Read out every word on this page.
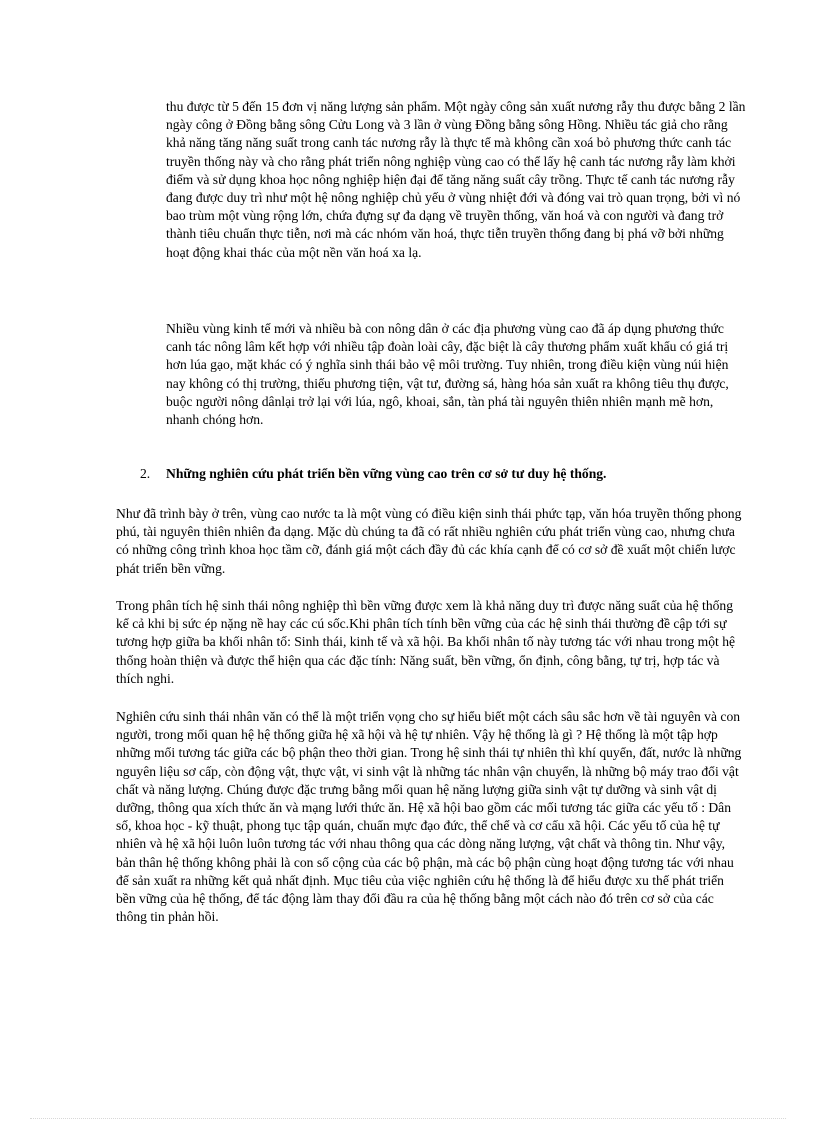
thu được từ 5 đến 15 đơn vị năng lượng sản phẩm. Một ngày công sản xuất nương rẫy thu được bằng 2 lần ngày công ở Đồng bằng sông Cửu Long và 3 lần ở vùng Đồng bằng sông Hồng. Nhiều tác giả cho rằng khả năng tăng năng suất trong canh tác nương rẫy là thực tế mà không cần xoá bỏ phương thức canh tác truyền thống này và cho rằng phát triển nông nghiệp vùng cao có thể lấy hệ canh tác nương rẫy làm khởi điểm và sử dụng khoa học nông nghiệp hiện đại để tăng năng suất cây trồng. Thực tế canh tác nương rẫy đang được duy trì như một hệ nông nghiệp chủ yếu ở vùng nhiệt đới và đóng vai trò quan trọng, bởi vì nó bao trùm một vùng rộng lớn, chứa đựng sự đa dạng về truyền thống, văn hoá và con người và đang trở thành tiêu chuẩn thực tiễn, nơi mà các nhóm văn hoá, thực tiễn truyền thống đang bị phá vỡ bởi những hoạt động khai thác của một nền văn hoá xa lạ.

Nhiều vùng kinh tế mới và nhiều bà con nông dân ở các địa phương vùng cao đã áp dụng phương thức canh tác nông lâm kết hợp với nhiều tập đoàn loài cây, đặc biệt là cây thương phẩm xuất khẩu có giá trị hơn lúa gạo, mặt khác có ý nghĩa sinh thái bảo vệ môi trường. Tuy nhiên, trong điều kiện vùng núi hiện nay không có thị trường, thiếu phương tiện, vật tư, đường sá, hàng hóa sản xuất ra không tiêu thụ được, buộc người nông dânlại trở lại với lúa, ngô, khoai, sắn, tàn phá tài nguyên thiên nhiên mạnh mẽ hơn, nhanh chóng hơn.

2. Những nghiên cứu phát triển bền vững vùng cao trên cơ sở tư duy hệ thống.

Như đã trình bày ở trên, vùng cao nước ta là một vùng có điều kiện sinh thái phức tạp, văn hóa truyền thống phong phú, tài nguyên thiên nhiên đa dạng. Mặc dù chúng ta đã có rất nhiều nghiên cứu phát triển vùng cao, nhưng chưa có những công trình khoa học tầm cỡ, đánh giá một cách đầy đủ các khía cạnh để có cơ sở đề xuất một chiến lược phát triển bền vững.

Trong phân tích hệ sinh thái nông nghiệp thì bền vững được xem là khả năng duy trì được năng suất của hệ thống kể cả khi bị sức ép nặng nề hay các cú sốc.Khi phân tích tính bền vững của các hệ sinh thái thường đề cập tới sự tương hợp giữa ba khối nhân tố: Sinh thái, kinh tế và xã hội. Ba khối nhân tố này tương tác với nhau trong một hệ thống hoàn thiện và được thể hiện qua các đặc tính: Năng suất, bền vững, ổn định, công bằng, tự trị, hợp tác và thích nghi.

Nghiên cứu sinh thái nhân văn có thể là một triển vọng cho sự hiểu biết một cách sâu sắc hơn về tài nguyên và con người, trong mối quan hệ hệ thống giữa hệ xã hội và hệ tự nhiên. Vậy hệ thống là gì ? Hệ thống là một tập hợp những mối tương tác giữa các bộ phận theo thời gian. Trong hệ sinh thái tự nhiên thì khí quyển, đất, nước là những nguyên liệu sơ cấp, còn động vật, thực vật, vi sinh vật là những tác nhân vận chuyển, là những bộ máy trao đổi vật chất và năng lượng. Chúng được đặc trưng bằng mối quan hệ năng lượng giữa sinh vật tự dưỡng và sinh vật dị dưỡng, thông qua xích thức ăn và mạng lưới thức ăn. Hệ xã hội bao gồm các mối tương tác giữa các yếu tố : Dân số, khoa học - kỹ thuật, phong tục tập quán, chuẩn mực đạo đức, thể chế và cơ cấu xã hội. Các yếu tố của hệ tự nhiên và hệ xã hội luôn luôn tương tác với nhau thông qua các dòng năng lượng, vật chất và thông tin. Như vậy, bản thân hệ thống không phải là con số cộng của các bộ phận, mà các bộ phận cùng hoạt động tương tác với nhau để sản xuất ra những kết quả nhất định. Mục tiêu của việc nghiên cứu hệ thống là để hiểu được xu thế phát triển bền vững của hệ thống, để tác động làm thay đổi đầu ra của hệ thống bằng một cách nào đó trên cơ sở của các thông tin phản hồi.
